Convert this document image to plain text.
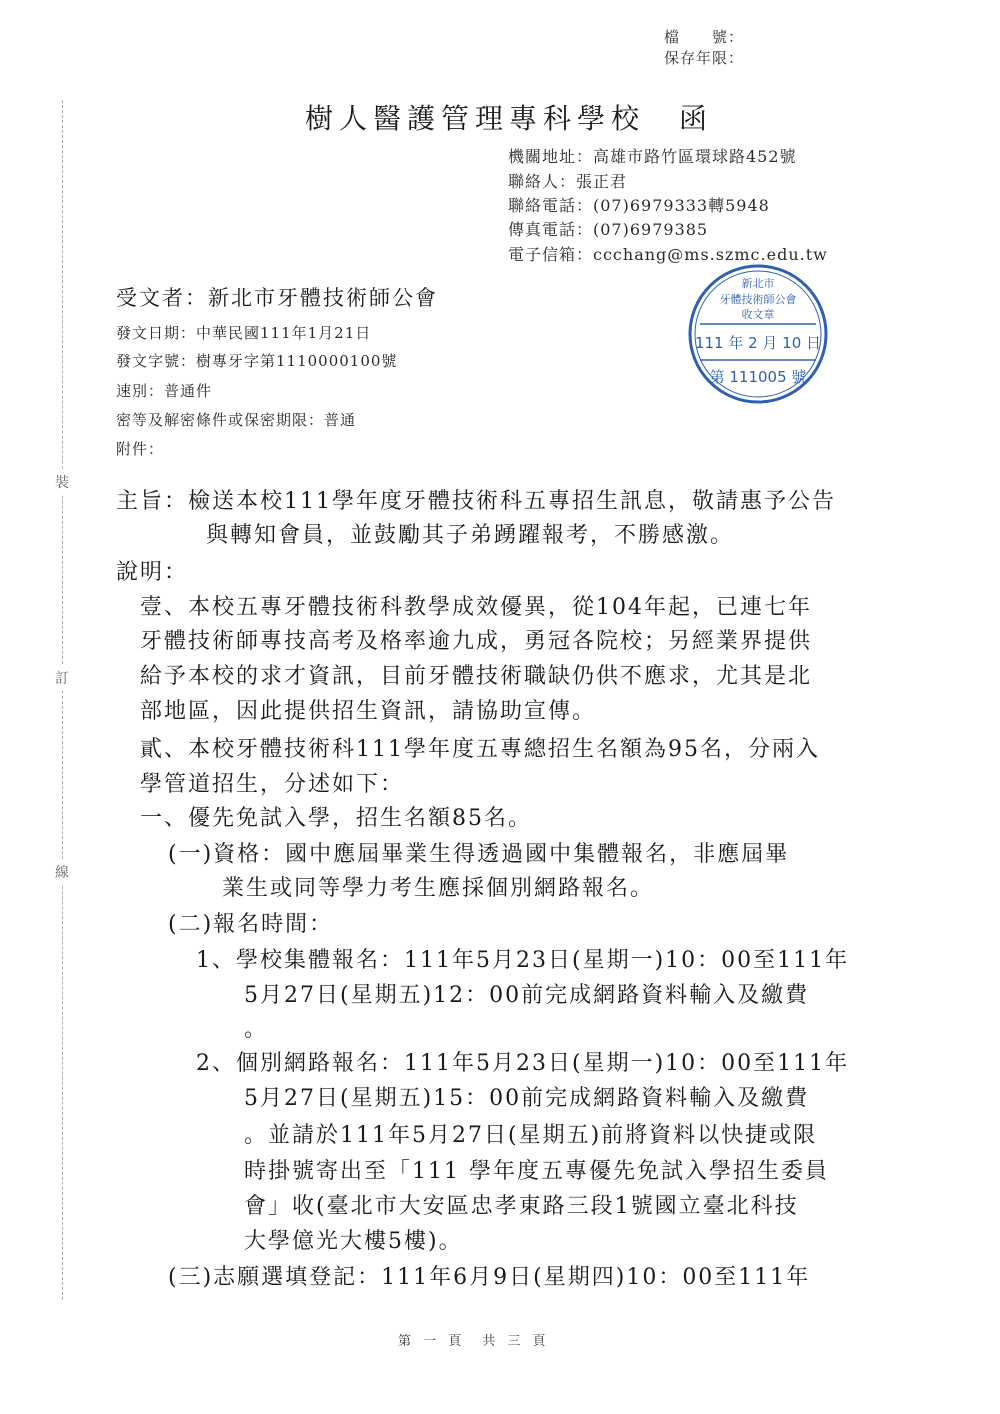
檔　　號：
保存年限：
樹人醫護管理專科學校　函
機關地址：高雄市路竹區環球路452號
聯絡人：張正君
聯絡電話：(07)6979333轉5948
傳真電話：(07)6979385
電子信箱：ccchang@ms.szmc.edu.tw
受文者：新北市牙體技術師公會
發文日期：中華民國111年1月21日
發文字號：樹專牙字第1110000100號
速別：普通件
密等及解密條件或保密期限：普通
附件：
新北市
牙體技術師公會
收文章
111 年 2 月 10 日
第 111005 號
裝
訂
線
主旨：檢送本校111學年度牙體技術科五專招生訊息，敬請惠予公告
與轉知會員，並鼓勵其子弟踴躍報考，不勝感激。
說明：
壹、本校五專牙體技術科教學成效優異，從104年起，已連七年
牙體技術師專技高考及格率逾九成，勇冠各院校；另經業界提供
給予本校的求才資訊，目前牙體技術職缺仍供不應求，尤其是北
部地區，因此提供招生資訊，請協助宣傳。
貳、本校牙體技術科111學年度五專總招生名額為95名，分兩入
學管道招生，分述如下：
一、優先免試入學，招生名額85名。
(一)資格：國中應屆畢業生得透過國中集體報名，非應屆畢
業生或同等學力考生應採個別網路報名。
(二)報名時間：
1、學校集體報名：111年5月23日(星期一)10：00至111年
5月27日(星期五)12：00前完成網路資料輸入及繳費
。
2、個別網路報名：111年5月23日(星期一)10：00至111年
5月27日(星期五)15：00前完成網路資料輸入及繳費
。並請於111年5月27日(星期五)前將資料以快捷或限
時掛號寄出至「111 學年度五專優先免試入學招生委員
會」收(臺北市大安區忠孝東路三段1號國立臺北科技
大學億光大樓5樓)。
(三)志願選填登記：111年6月9日(星期四)10：00至111年
第 一 頁　共 三 頁
